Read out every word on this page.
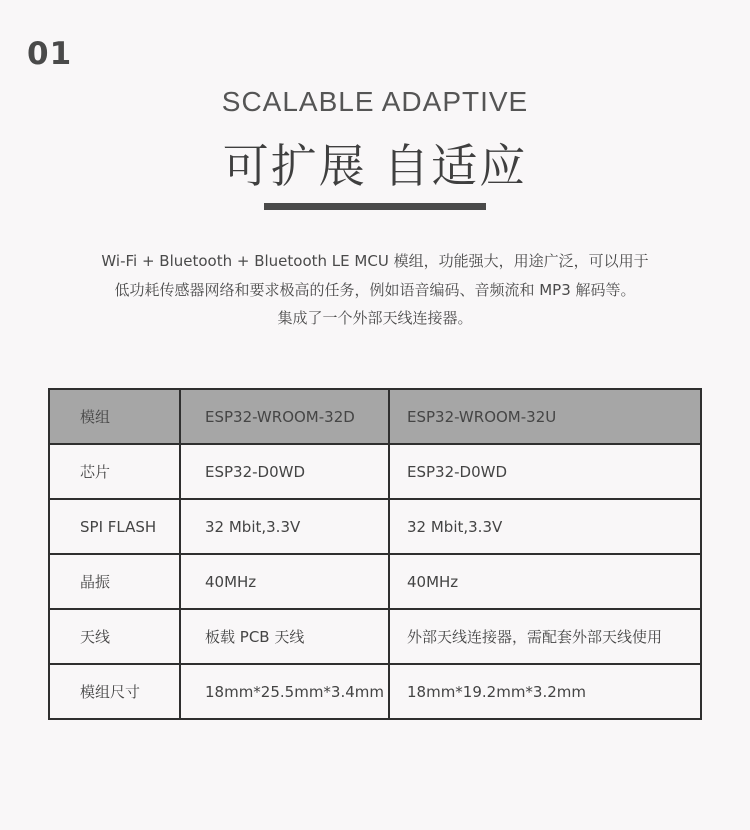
01
SCALABLE ADAPTIVE
可扩展 自适应
Wi-Fi + Bluetooth + Bluetooth LE MCU 模组，功能强大，用途广泛，可以用于
低功耗传感器网络和要求极高的任务，例如语音编码、音频流和 MP3 解码等。
集成了一个外部天线连接器。
模组	ESP32-WROOM-32D	ESP32-WROOM-32U
芯片	ESP32-D0WD	ESP32-D0WD
SPI FLASH	32 Mbit,3.3V	32 Mbit,3.3V
晶振	40MHz	40MHz
天线	板载 PCB 天线	外部天线连接器，需配套外部天线使用
模组尺寸	18mm*25.5mm*3.4mm	18mm*19.2mm*3.2mm
